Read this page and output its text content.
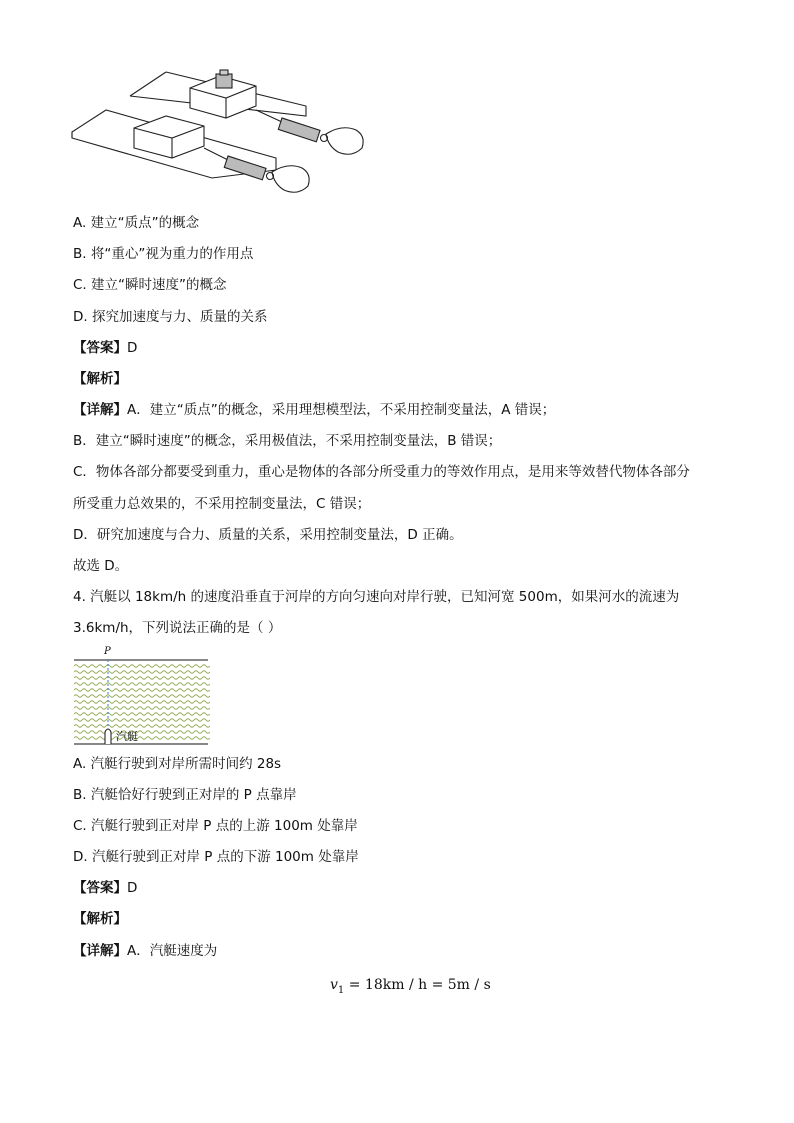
A. 建立“质点”的概念
B. 将“重心”视为重力的作用点
C. 建立“瞬时速度”的概念
D. 探究加速度与力、质量的关系
【答案】D
【解析】
【详解】A．建立“质点”的概念，采用理想模型法，不采用控制变量法，A 错误；
B．建立“瞬时速度”的概念，采用极值法，不采用控制变量法，B 错误；
C．物体各部分都要受到重力，重心是物体的各部分所受重力的等效作用点，是用来等效替代物体各部分
所受重力总效果的，不采用控制变量法，C 错误；
D．研究加速度与合力、质量的关系，采用控制变量法，D 正确。
故选 D。
4. 汽艇以 18km/h 的速度沿垂直于河岸的方向匀速向对岸行驶，已知河宽 500m，如果河水的流速为
3.6km/h，下列说法正确的是（ ）
P
汽艇
A. 汽艇行驶到对岸所需时间约 28s
B. 汽艇恰好行驶到正对岸的 P 点靠岸
C. 汽艇行驶到正对岸 P 点的上游 100m 处靠岸
D. 汽艇行驶到正对岸 P 点的下游 100m 处靠岸
【答案】D
【解析】
【详解】A．汽艇速度为
$v_1 = 18km / h = 5m / s$
